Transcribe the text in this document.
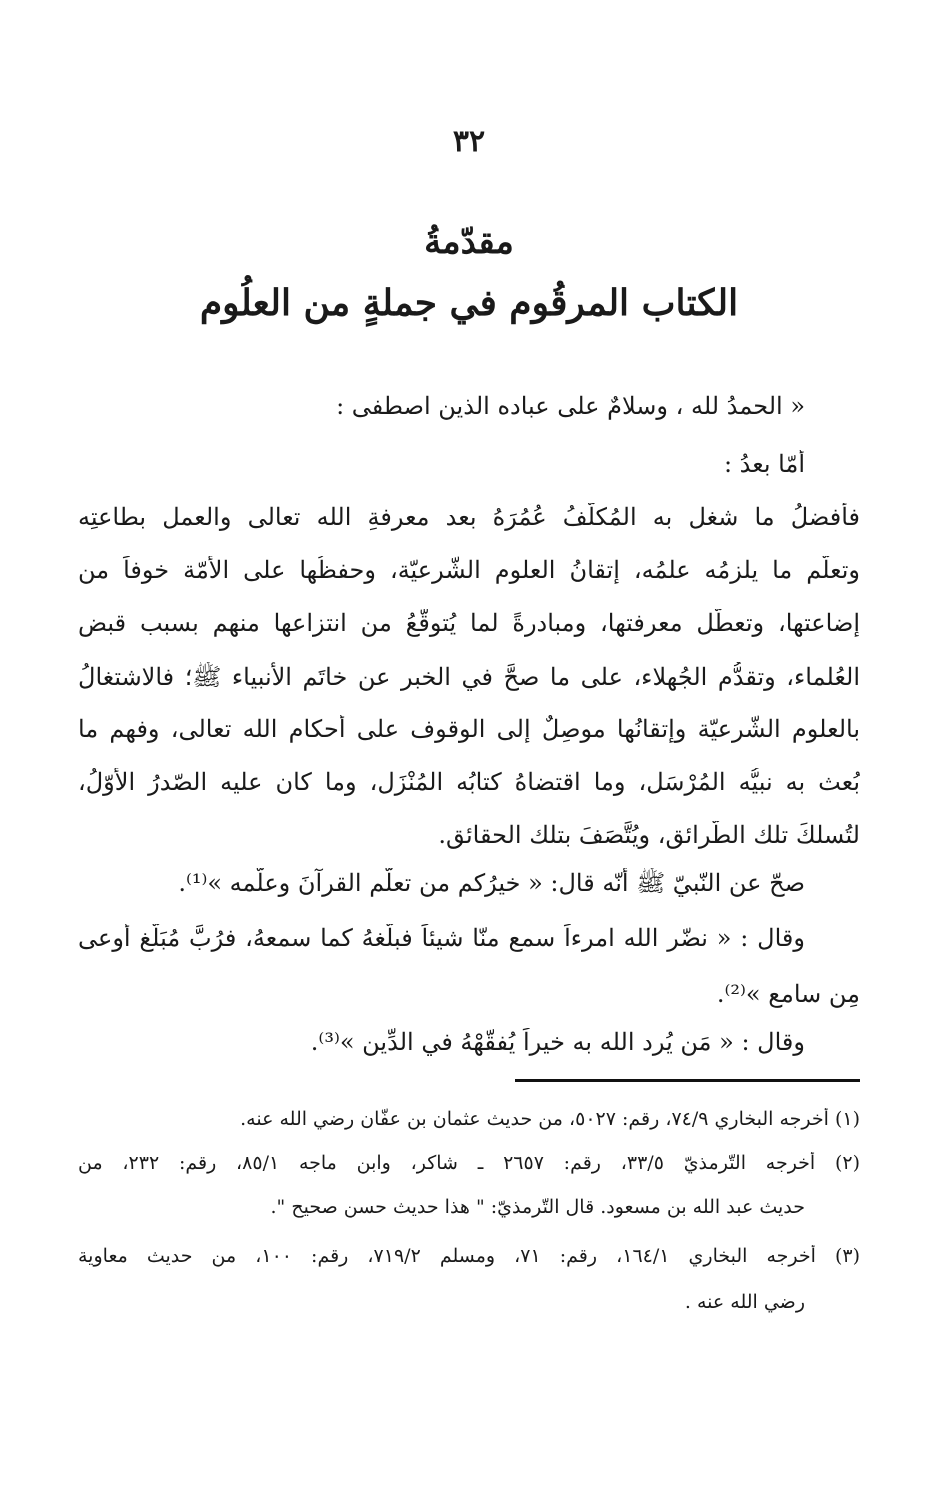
٣٢
مقدّمةُ
الكتاب المرقُوم في جملةٍ من العلُوم
« الحمدُ لله ، وسلامٌ على عباده الذين اصطفى :
أمّا بعدُ :
فأفضلُ ما شغل به المُكلَّفُ عُمُرَهُ بعد معرفةِ الله تعالى والعملِ بطاعتِه
وتعلُّم ما يلزمُه علمُه، إتقانُ العلوم الشّرعيّة، وحفظُها على الأمّة خوفاً من
إضاعتها، وتعطُّل معرفتها، ومبادرةً لما يُتوقَّعُ من انتزاعها منهم بسبب قبض
العُلماء، وتقدُّم الجُهلاء، على ما صحَّ في الخبر عن خاتَم الأنبياء ﷺ؛ فالاشتغالُ
بالعلوم الشّرعيّة وإتقانُها موصِلٌ إلى الوقوف على أحكام الله تعالى، وفهمِ ما
بُعث به نبيُّه المُرْسَل، وما اقتضاهُ كتابُه المُنْزَل، وما كان عليه الصّدرُ الأوّلُ،
لتُسلكَ تلك الطّرائق، ويُتَّصَفَ بتلك الحقائق.
صحّ عن النّبيّ ﷺ أنّه قال: « خيرُكم من تعلّم القرآنَ وعلّمه »⁽¹⁾.
وقال : « نضّر الله امرءاً سمع منّا شيئاً فبلّغهُ كما سمعهُ، فرُبَّ مُبَلَّغٍ أوعى
مِن سامعٍ »⁽²⁾.
وقال : « مَن يُرد الله به خيراً يُفقّهْهُ في الدِّين »⁽³⁾.
(١) أخرجه البخاري ٧٤/٩، رقم: ٥٠٢٧، من حديث عثمان بن عفّان رضي الله عنه.
(٢) أخرجه التّرمذيّ ٣٣/٥، رقم: ٢٦٥٧ ـ شاكر، وابن ماجه ٨٥/١، رقم: ٢٣٢، من
حديث عبد الله بن مسعود. قال التّرمذيّ: " هذا حديث حسن صحيح ".
(٣) أخرجه البخاري ١٦٤/١، رقم: ٧١، ومسلم ٧١٩/٢، رقم: ١٠٠، من حديث معاوية
رضي الله عنه .
